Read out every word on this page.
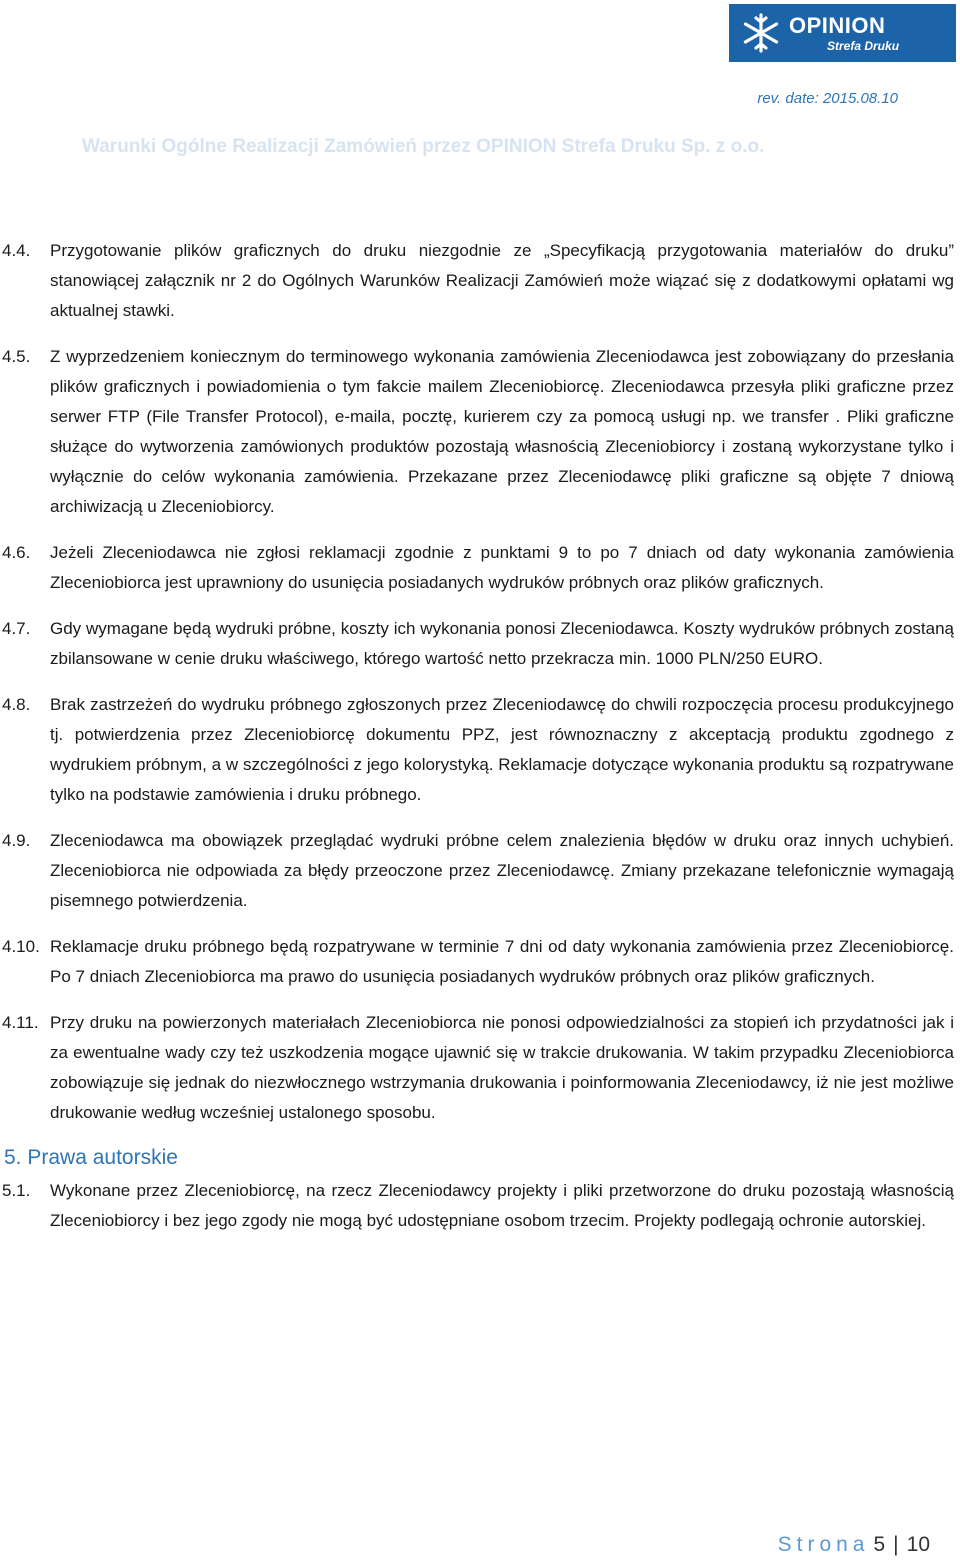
OPINION
Strefa Druku
rev. date: 2015.08.10
Warunki Ogólne Realizacji Zamówień przez OPINION Strefa Druku Sp. z o.o.
4.4. Przygotowanie plików graficznych do druku niezgodnie ze „Specyfikacją przygotowania materiałów do druku” stanowiącej załącznik nr 2 do Ogólnych Warunków Realizacji Zamówień może wiązać się z dodatkowymi opłatami wg aktualnej stawki.
4.5. Z wyprzedzeniem koniecznym do terminowego wykonania zamówienia Zleceniodawca jest zobowiązany do przesłania plików graficznych i powiadomienia o tym fakcie mailem Zleceniobiorcę. Zleceniodawca przesyła pliki graficzne przez serwer FTP (File Transfer Protocol), e-maila, pocztę, kurierem czy za pomocą usługi np. we transfer . Pliki graficzne służące do wytworzenia zamówionych produktów pozostają własnością Zleceniobiorcy i zostaną wykorzystane tylko i wyłącznie do celów wykonania zamówienia. Przekazane przez Zleceniodawcę pliki graficzne są objęte 7 dniową archiwizacją u Zleceniobiorcy.
4.6. Jeżeli Zleceniodawca nie zgłosi reklamacji zgodnie z punktami 9 to po 7 dniach od daty wykonania zamówienia Zleceniobiorca jest uprawniony do usunięcia posiadanych wydruków próbnych oraz plików graficznych.
4.7. Gdy wymagane będą wydruki próbne, koszty ich wykonania ponosi Zleceniodawca. Koszty wydruków próbnych zostaną zbilansowane w cenie druku właściwego, którego wartość netto przekracza min. 1000 PLN/250 EURO.
4.8. Brak zastrzeżeń do wydruku próbnego zgłoszonych przez Zleceniodawcę do chwili rozpoczęcia procesu produkcyjnego tj. potwierdzenia przez Zleceniobiorcę dokumentu PPZ, jest równoznaczny z akceptacją produktu zgodnego z wydrukiem próbnym, a w szczególności z jego kolorystyką. Reklamacje dotyczące wykonania produktu są rozpatrywane tylko na podstawie zamówienia i druku próbnego.
4.9. Zleceniodawca ma obowiązek przeglądać wydruki próbne celem znalezienia błędów w druku oraz innych uchybień. Zleceniobiorca nie odpowiada za błędy przeoczone przez Zleceniodawcę. Zmiany przekazane telefonicznie wymagają pisemnego potwierdzenia.
4.10. Reklamacje druku próbnego będą rozpatrywane w terminie 7 dni od daty wykonania zamówienia przez Zleceniobiorcę. Po 7 dniach Zleceniobiorca ma prawo do usunięcia posiadanych wydruków próbnych oraz plików graficznych.
4.11. Przy druku na powierzonych materiałach Zleceniobiorca nie ponosi odpowiedzialności za stopień ich przydatności jak i za ewentualne wady czy też uszkodzenia mogące ujawnić się w trakcie drukowania. W takim przypadku Zleceniobiorca zobowiązuje się jednak do niezwłocznego wstrzymania drukowania i poinformowania Zleceniodawcy, iż nie jest możliwe drukowanie według wcześniej ustalonego sposobu.
5. Prawa autorskie
5.1. Wykonane przez Zleceniobiorcę, na rzecz Zleceniodawcy projekty i pliki przetworzone do druku pozostają własnością Zleceniobiorcy i bez jego zgody nie mogą być udostępniane osobom trzecim. Projekty podlegają ochronie autorskiej.
Strona 5 | 10
